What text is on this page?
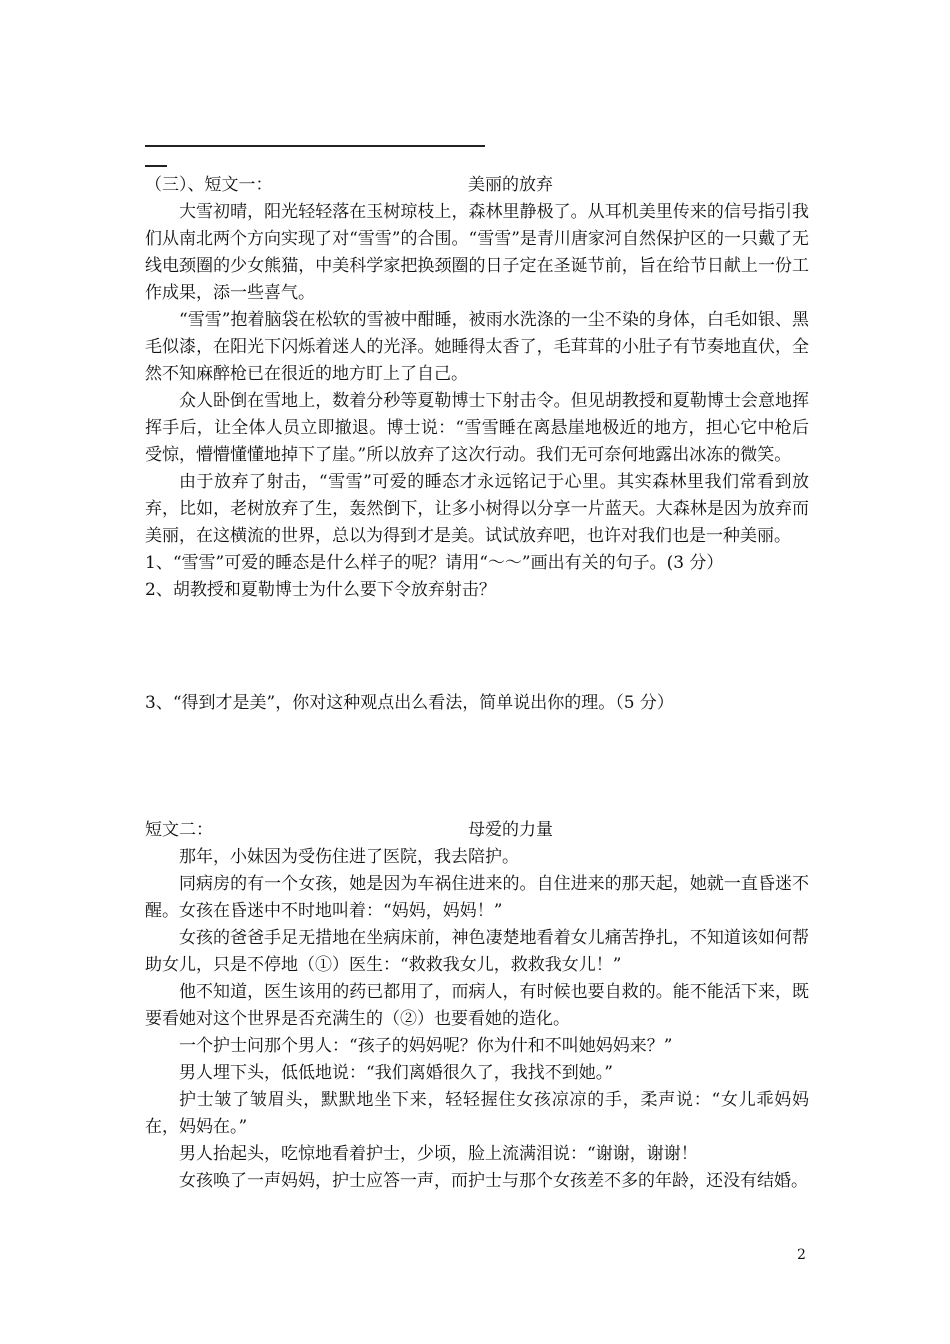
（三）、短文一：	美丽的放弃

大雪初晴，阳光轻轻落在玉树琼枝上，森林里静极了。从耳机美里传来的信号指引我们从南北两个方向实现了对“雪雪”的合围。“雪雪”是青川唐家河自然保护区的一只戴了无线电颈圈的少女熊猫，中美科学家把换颈圈的日子定在圣诞节前，旨在给节日献上一份工作成果，添一些喜气。

“雪雪”抱着脑袋在松软的雪被中酣睡，被雨水洗涤的一尘不染的身体，白毛如银、黑毛似漆，在阳光下闪烁着迷人的光泽。她睡得太香了，毛茸茸的小肚子有节奏地直伏，全然不知麻醉枪已在很近的地方盯上了自己。

众人卧倒在雪地上，数着分秒等夏勒博士下射击令。但见胡教授和夏勒博士会意地挥挥手后，让全体人员立即撤退。博士说：“雪雪睡在离悬崖地极近的地方，担心它中枪后受惊，懵懵懂懂地掉下了崖。”所以放弃了这次行动。我们无可奈何地露出冰冻的微笑。

由于放弃了射击，“雪雪”可爱的睡态才永远铭记于心里。其实森林里我们常看到放弃，比如，老树放弃了生，轰然倒下，让多小树得以分享一片蓝天。大森林是因为放弃而美丽，在这横流的世界，总以为得到才是美。试试放弃吧，也许对我们也是一种美丽。

1、“雪雪”可爱的睡态是什么样子的呢？请用“～～”画出有关的句子。(3 分）

2、胡教授和夏勒博士为什么要下令放弃射击？

3、“得到才是美”，你对这种观点出么看法，简单说出你的理。（5 分）

短文二：	母爱的力量

那年，小妹因为受伤住进了医院，我去陪护。

同病房的有一个女孩，她是因为车祸住进来的。自住进来的那天起，她就一直昏迷不醒。女孩在昏迷中不时地叫着：“妈妈，妈妈！”

女孩的爸爸手足无措地在坐病床前，神色凄楚地看着女儿痛苦挣扎，不知道该如何帮助女儿，只是不停地（①）医生：“救救我女儿，救救我女儿！”

他不知道，医生该用的药已都用了，而病人，有时候也要自救的。能不能活下来，既要看她对这个世界是否充满生的（②）也要看她的造化。

一个护士问那个男人：“孩子的妈妈呢？你为什和不叫她妈妈来？”

男人埋下头，低低地说：“我们离婚很久了，我找不到她。”

护士皱了皱眉头，默默地坐下来，轻轻握住女孩凉凉的手，柔声说：“女儿乖妈妈在，妈妈在。”

男人抬起头，吃惊地看着护士，少顷，脸上流满泪说：“谢谢，谢谢！

女孩唤了一声妈妈，护士应答一声，而护士与那个女孩差不多的年龄，还没有结婚。

2
